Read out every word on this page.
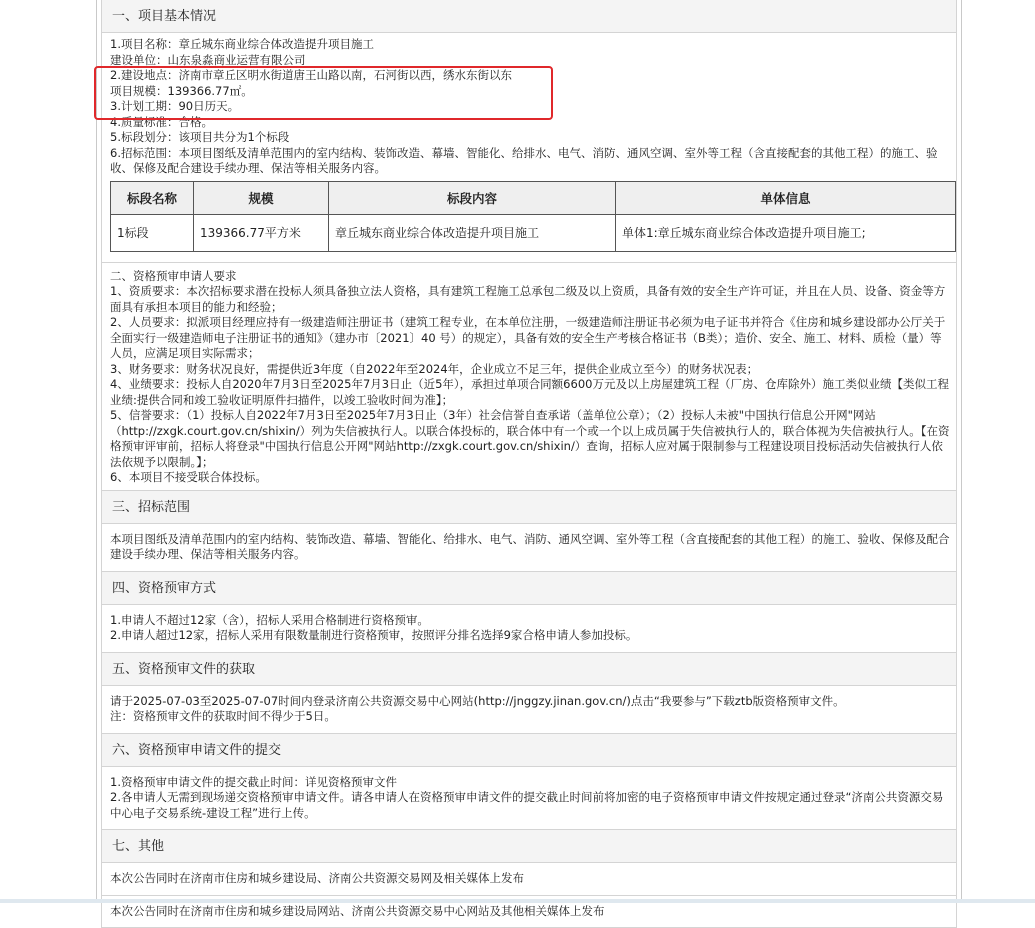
一、项目基本情况

1.项目名称：章丘城东商业综合体改造提升项目施工

建设单位：山东泉淼商业运营有限公司

2.建设地点：济南市章丘区明水街道唐王山路以南，石河街以西，绣水东街以东

项目规模：139366.77㎡。

3.计划工期：90日历天。

4.质量标准：合格。

5.标段划分：该项目共分为1个标段

6.招标范围：本项目图纸及清单范围内的室内结构、装饰改造、幕墙、智能化、给排水、电气、消防、通风空调、室外等工程（含直接配套的其他工程）的施工、验收、保修及配合建设手续办理、保洁等相关服务内容。

标段名称	规模	标段内容	单体信息
1标段	139366.77平方米	章丘城东商业综合体改造提升项目施工	单体1:章丘城东商业综合体改造提升项目施工;

二、资格预审申请人要求

1、资质要求：本次招标要求潜在投标人须具备独立法人资格，具有建筑工程施工总承包二级及以上资质，具备有效的安全生产许可证，并且在人员、设备、资金等方面具有承担本项目的能力和经验；

2、人员要求：拟派项目经理应持有一级建造师注册证书（建筑工程专业，在本单位注册，一级建造师注册证书必须为电子证书并符合《住房和城乡建设部办公厅关于全面实行一级建造师电子注册证书的通知》（建办市〔2021〕40 号）的规定），具备有效的安全生产考核合格证书（B类）；造价、安全、施工、材料、质检（量）等人员，应满足项目实际需求；

3、财务要求：财务状况良好，需提供近3年度（自2022年至2024年，企业成立不足三年，提供企业成立至今）的财务状况表；

4、业绩要求：投标人自2020年7月3日至2025年7月3日止（近5年），承担过单项合同额6600万元及以上房屋建筑工程（厂房、仓库除外）施工类似业绩【类似工程业绩:提供合同和竣工验收证明原件扫描件，以竣工验收时间为准】；

5、信誉要求：（1）投标人自2022年7月3日至2025年7月3日止（3年）社会信誉自查承诺（盖单位公章）；（2）投标人未被"中国执行信息公开网"网站（http://zxgk.court.gov.cn/shixin/）列为失信被执行人。以联合体投标的，联合体中有一个或一个以上成员属于失信被执行人的，联合体视为失信被执行人。【在资格预审评审前，招标人将登录"中国执行信息公开网"网站http://zxgk.court.gov.cn/shixin/）查询，招标人应对属于限制参与工程建设项目投标活动失信被执行人依法依规予以限制。】；

6、本项目不接受联合体投标。

三、招标范围

本项目图纸及清单范围内的室内结构、装饰改造、幕墙、智能化、给排水、电气、消防、通风空调、室外等工程（含直接配套的其他工程）的施工、验收、保修及配合建设手续办理、保洁等相关服务内容。

四、资格预审方式

1.申请人不超过12家（含），招标人采用合格制进行资格预审。

2.申请人超过12家，招标人采用有限数量制进行资格预审，按照评分排名选择9家合格申请人参加投标。

五、资格预审文件的获取

请于2025-07-03至2025-07-07时间内登录济南公共资源交易中心网站(http://jnggzy.jinan.gov.cn/)点击“我要参与”下载ztb版资格预审文件。

注：资格预审文件的获取时间不得少于5日。

六、资格预审申请文件的提交

1.资格预审申请文件的提交截止时间：详见资格预审文件

2.各申请人无需到现场递交资格预审申请文件。请各申请人在资格预审申请文件的提交截止时间前将加密的电子资格预审申请文件按规定通过登录“济南公共资源交易中心电子交易系统-建设工程”进行上传。

七、其他

本次公告同时在济南市住房和城乡建设局、济南公共资源交易网及相关媒体上发布

本次公告同时在济南市住房和城乡建设局网站、济南公共资源交易中心网站及其他相关媒体上发布
